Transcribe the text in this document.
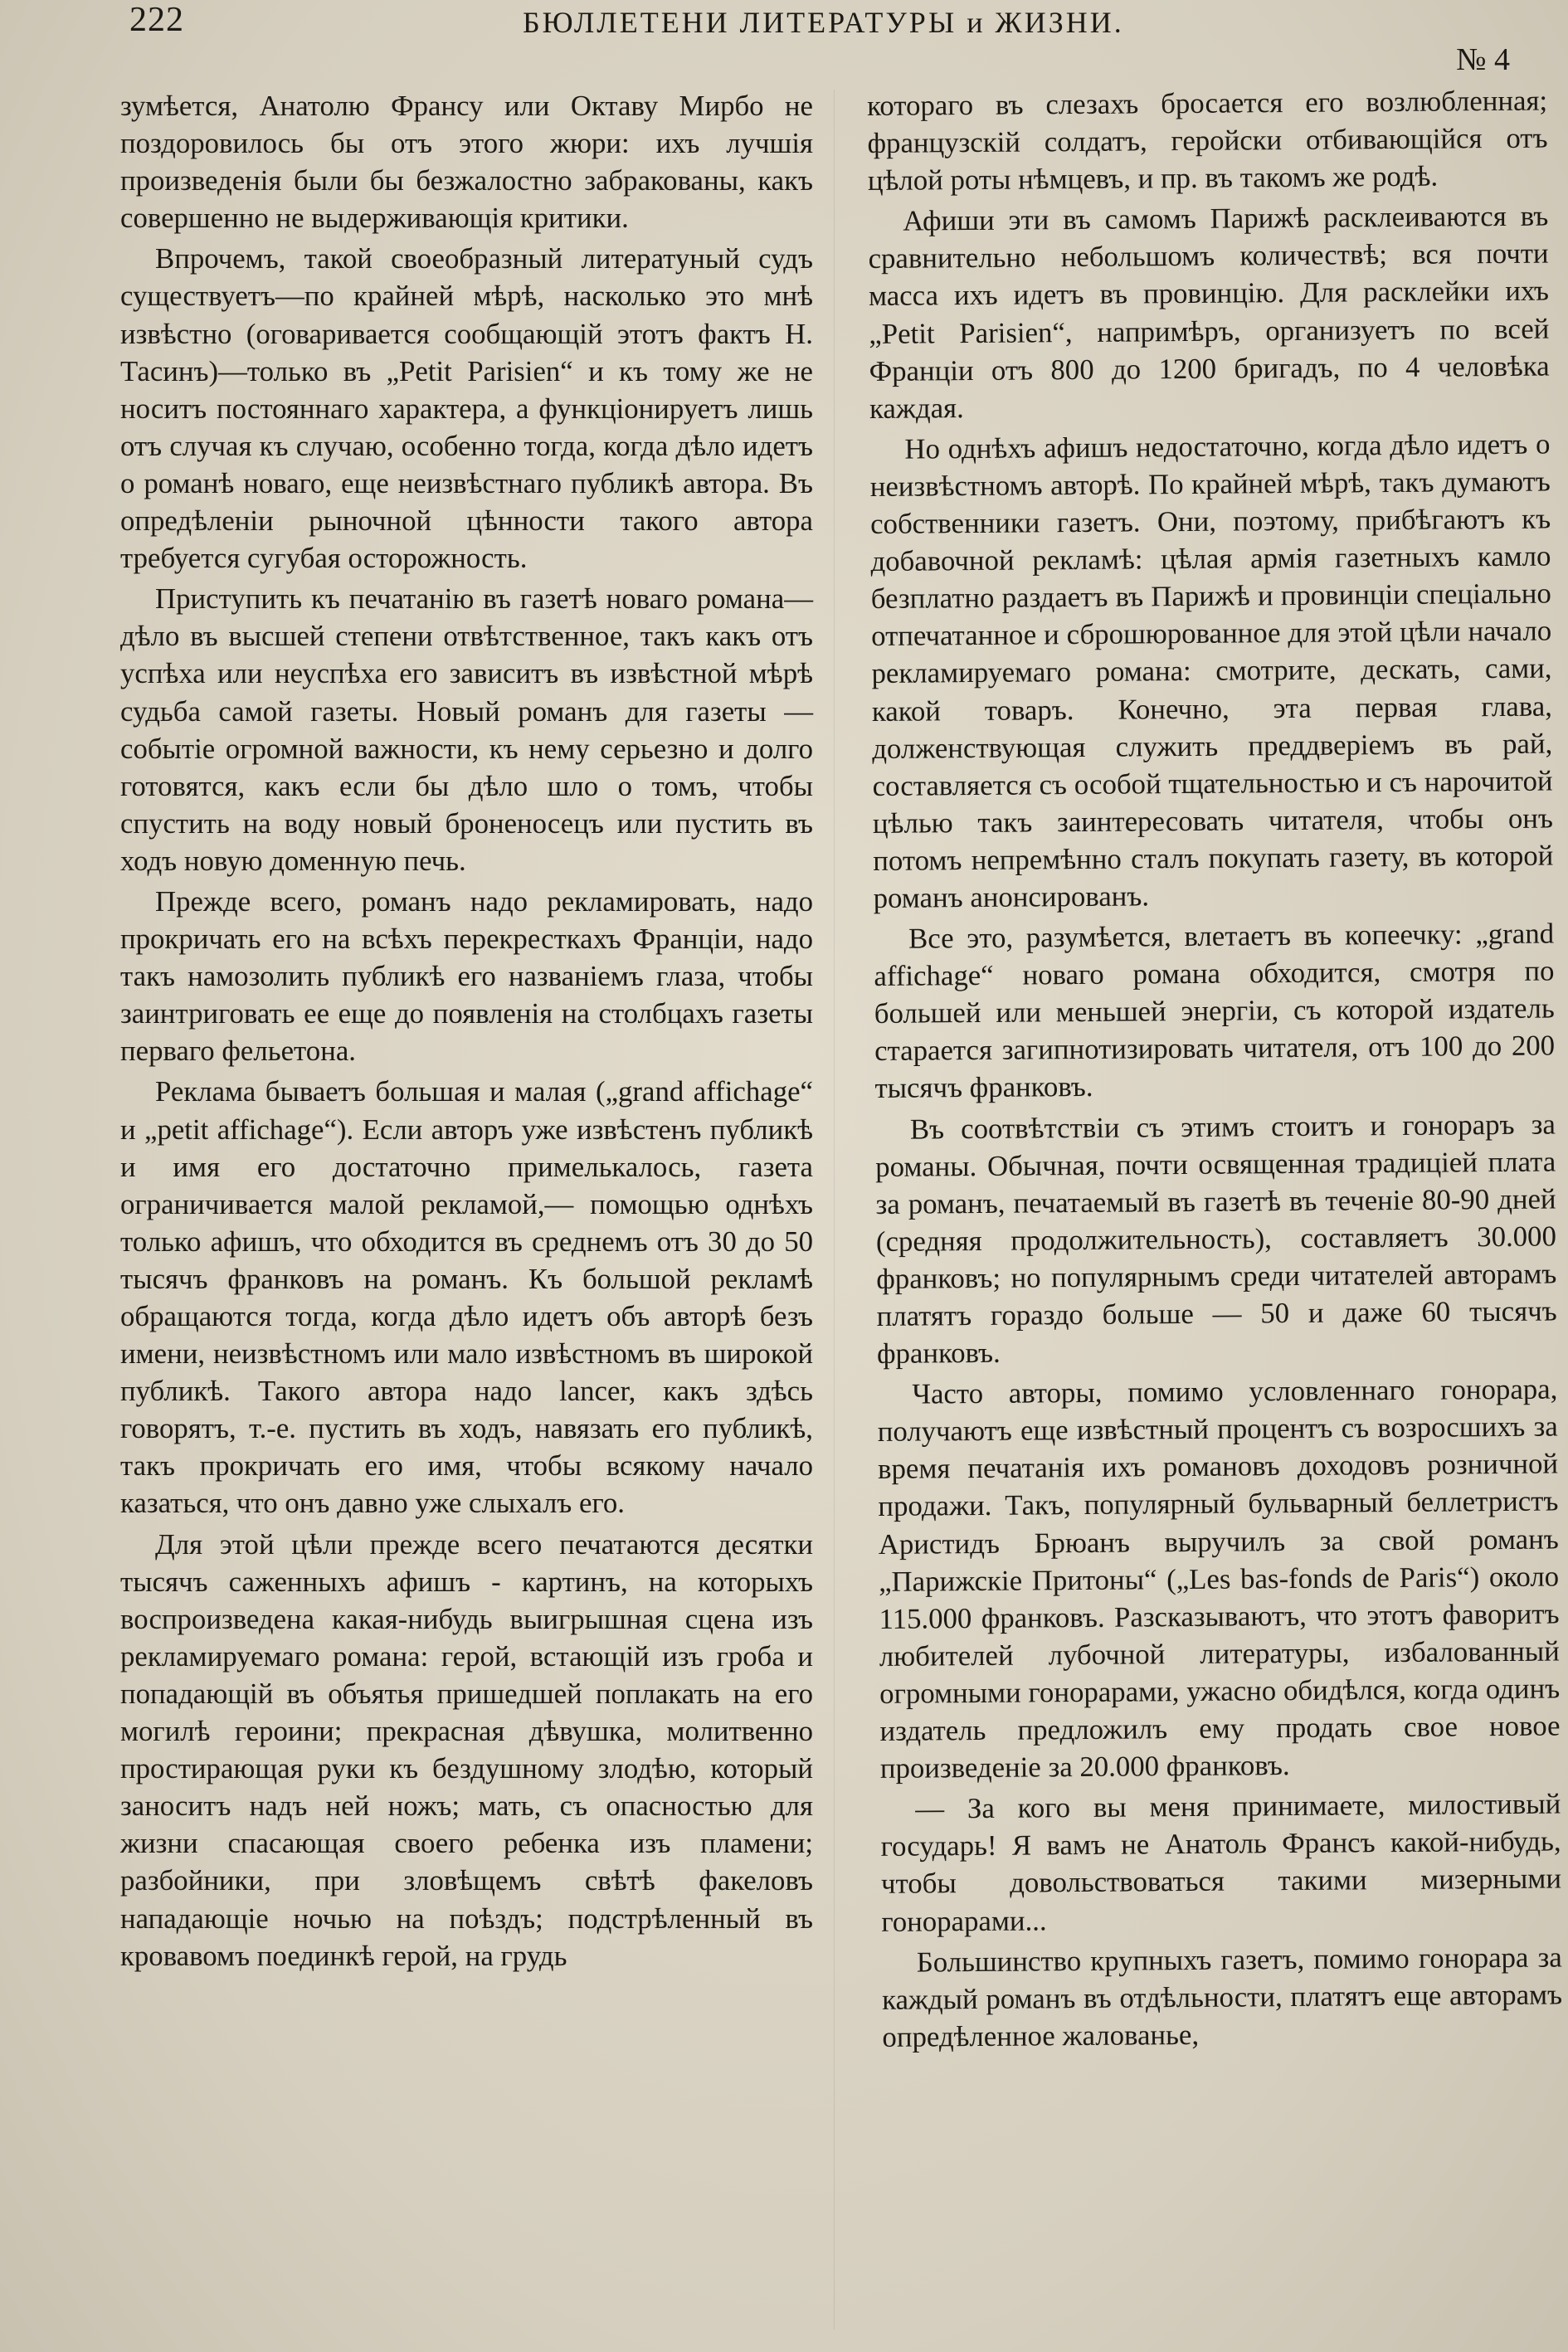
222	БЮЛЛЕТЕНИ ЛИТЕРАТУРЫ и ЖИЗНИ.
№ 4

зумѣется, Анатолю Франсу или Октаву Мирбо не поздоровилось бы отъ этого жюри: ихъ лучшія произведенія были бы безжалостно забракованы, какъ совершенно не выдерживающія критики.

Впрочемъ, такой своеобразный литератуный судъ существуетъ—по крайней мѣрѣ, насколько это мнѣ извѣстно (оговаривается сообщающій этотъ фактъ Н. Тасинъ)—только въ „Petit Parisien“ и къ тому же не носитъ постояннаго характера, а функціонируетъ лишь отъ случая къ случаю, особенно тогда, когда дѣло идетъ о романѣ новаго, еще неизвѣстнаго публикѣ автора. Въ опредѣленіи рыночной цѣнности такого автора требуется сугубая осторожность.

Приступить къ печатанію въ газетѣ новаго романа—дѣло въ высшей степени отвѣтственное, такъ какъ отъ успѣха или неуспѣха его зависитъ въ извѣстной мѣрѣ судьба самой газеты. Новый романъ для газеты — событіе огромной важности, къ нему серьезно и долго готовятся, какъ если бы дѣло шло о томъ, чтобы спустить на воду новый броненосецъ или пустить въ ходъ новую доменную печь.

Прежде всего, романъ надо рекламировать, надо прокричать его на всѣхъ перекресткахъ Франціи, надо такъ намозолить публикѣ его названіемъ глаза, чтобы заинтриговать ее еще до появленія на столбцахъ газеты перваго фельетона.

Реклама бываетъ большая и малая („grand affichage“ и „petit affichage“). Если авторъ уже извѣстенъ публикѣ и имя его достаточно примелькалось, газета ограничивается малой рекламой,— помощью однѣхъ только афишъ, что обходится въ среднемъ отъ 30 до 50 тысячъ франковъ на романъ. Къ большой рекламѣ обращаются тогда, когда дѣло идетъ объ авторѣ безъ имени, неизвѣстномъ или мало извѣстномъ въ широкой публикѣ. Такого автора надо lancer, какъ здѣсь говорятъ, т.-е. пустить въ ходъ, навязать его публикѣ, такъ прокричать его имя, чтобы всякому начало казаться, что онъ давно уже слыхалъ его.

Для этой цѣли прежде всего печатаются десятки тысячъ саженныхъ афишъ - картинъ, на которыхъ воспроизведена какая-нибудь выигрышная сцена изъ рекламируемаго романа: герой, встающій изъ гроба и попадающій въ объятья пришедшей поплакать на его могилѣ героини; прекрасная дѣвушка, молитвенно простирающая руки къ бездушному злодѣю, который заноситъ надъ ней ножъ; мать, съ опасностью для жизни спасающая своего ребенка изъ пламени; разбойники, при зловѣщемъ свѣтѣ факеловъ нападающіе ночью на поѣздъ; подстрѣленный въ кровавомъ поединкѣ герой, на грудь

котораго въ слезахъ бросается его возлюбленная; французскій солдатъ, геройски отбивающійся отъ цѣлой роты нѣмцевъ, и пр. въ такомъ же родѣ.

Афиши эти въ самомъ Парижѣ расклеиваются въ сравнительно небольшомъ количествѣ; вся почти масса ихъ идетъ въ провинцію. Для расклейки ихъ „Petit Parisien“, напримѣръ, организуетъ по всей Франціи отъ 800 до 1200 бригадъ, по 4 человѣка каждая.

Но однѣхъ афишъ недостаточно, когда дѣло идетъ о неизвѣстномъ авторѣ. По крайней мѣрѣ, такъ думаютъ собственники газетъ. Они, поэтому, прибѣгаютъ къ добавочной рекламѣ: цѣлая армія газетныхъ камло безплатно раздаетъ въ Парижѣ и провинціи спеціально отпечатанное и сброшюрованное для этой цѣли начало рекламируемаго романа: смотрите, дескать, сами, какой товаръ. Конечно, эта первая глава, долженствующая служить преддверіемъ въ рай, составляется съ особой тщательностью и съ нарочитой цѣлью такъ заинтересовать читателя, чтобы онъ потомъ непремѣнно сталъ покупать газету, въ которой романъ анонсированъ.

Все это, разумѣется, влетаетъ въ копеечку: „grand affichage“ новаго романа обходится, смотря по большей или меньшей энергіи, съ которой издатель старается загипнотизировать читателя, отъ 100 до 200 тысячъ франковъ.

Въ соотвѣтствіи съ этимъ стоитъ и гонораръ за романы. Обычная, почти освященная традиціей плата за романъ, печатаемый въ газетѣ въ теченіе 80-90 дней (средняя продолжительность), составляетъ 30.000 франковъ; но популярнымъ среди читателей авторамъ платятъ гораздо больше — 50 и даже 60 тысячъ франковъ.

Часто авторы, помимо условленнаго гонорара, получаютъ еще извѣстный процентъ съ возросшихъ за время печатанія ихъ романовъ доходовъ розничной продажи. Такъ, популярный бульварный беллетристъ Аристидъ Брюанъ выручилъ за свой романъ „Парижскіе Притоны“ („Les bas-fonds de Paris“) около 115.000 франковъ. Разсказываютъ, что этотъ фаворитъ любителей лубочной литературы, избалованный огромными гонорарами, ужасно обидѣлся, когда одинъ издатель предложилъ ему продать свое новое произведеніе за 20.000 франковъ.

— За кого вы меня принимаете, милостивый государь! Я вамъ не Анатоль Франсъ какой-нибудь, чтобы довольствоваться такими мизерными гонорарами...

Большинство крупныхъ газетъ, помимо гонорара за каждый романъ въ отдѣльности, платятъ еще авторамъ опредѣленное жалованье,
